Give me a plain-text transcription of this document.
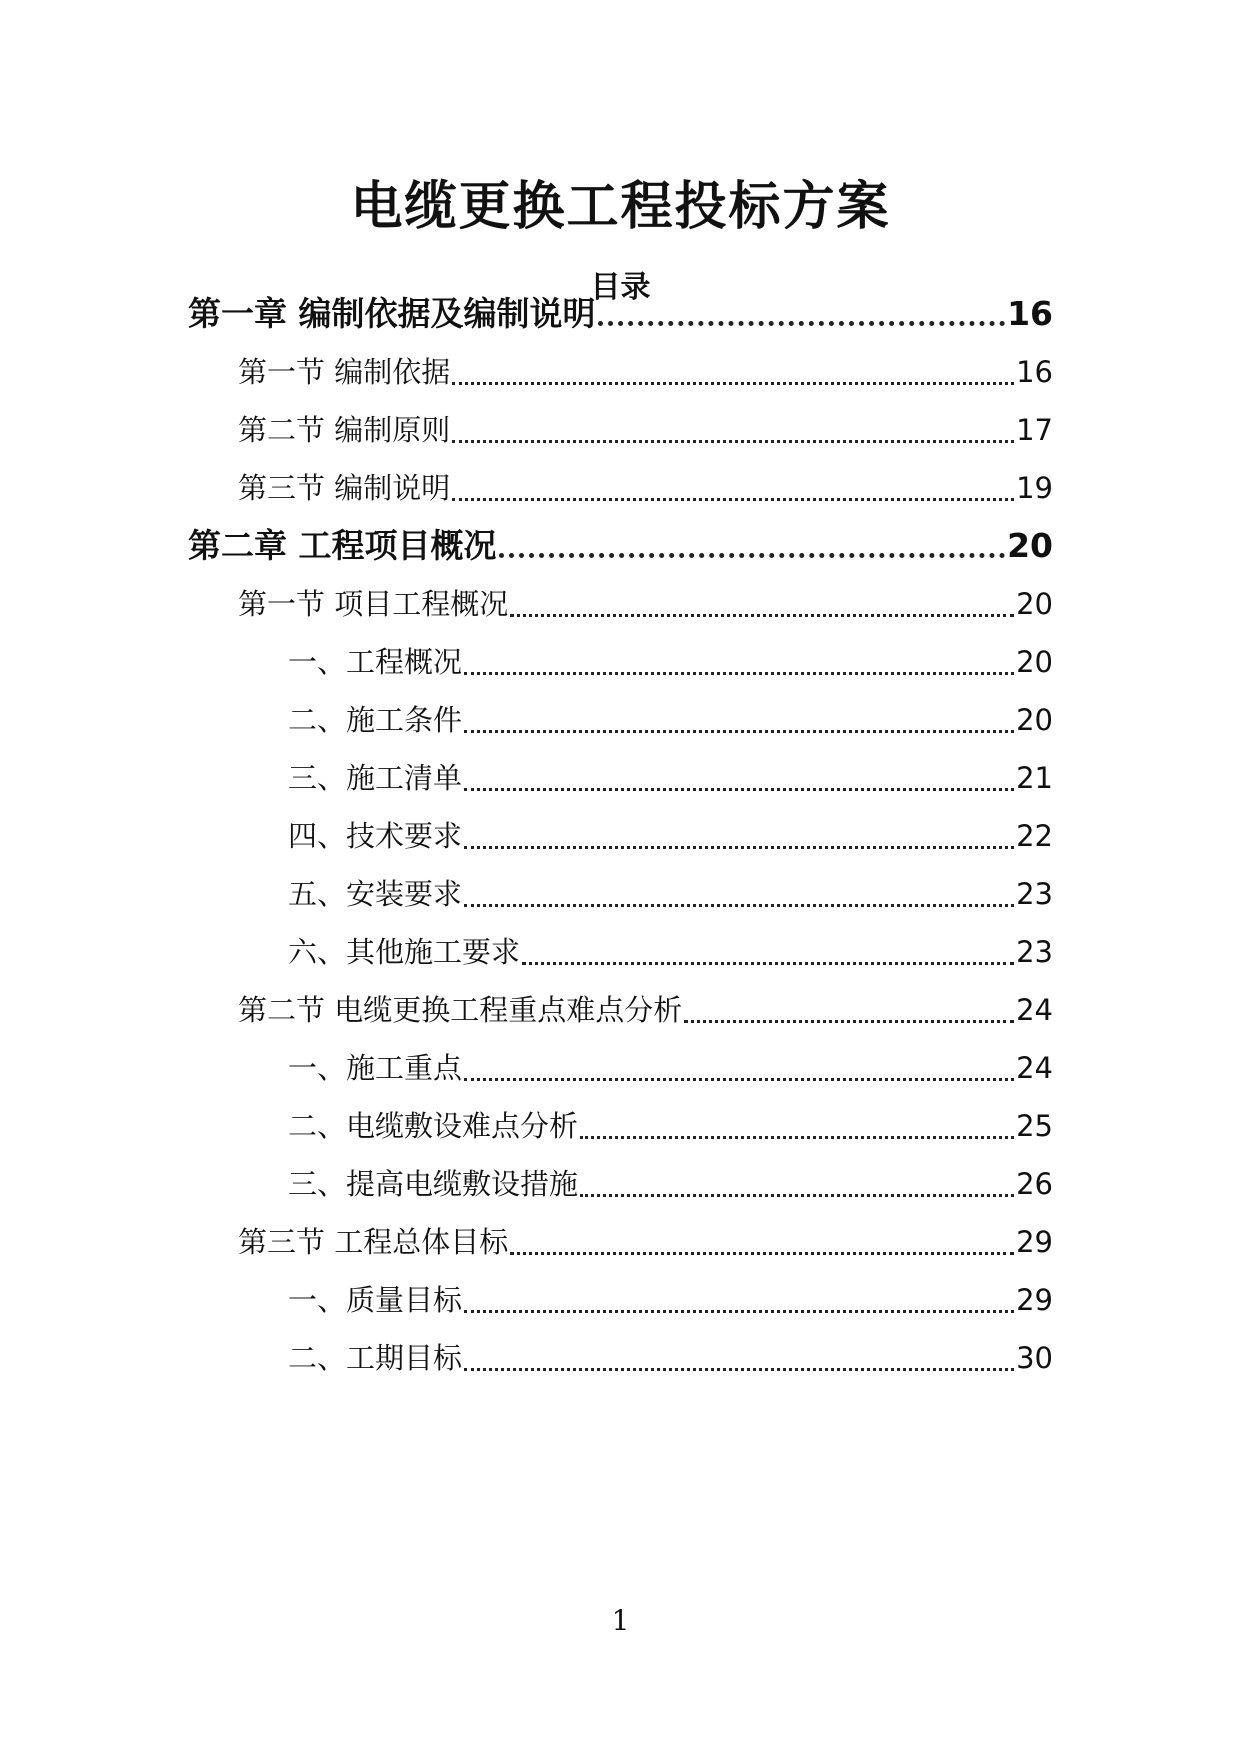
电缆更换工程投标方案
目录
第一章 编制依据及编制说明	16
第一节 编制依据	16
第二节 编制原则	17
第三节 编制说明	19
第二章 工程项目概况	20
第一节 项目工程概况	20
一、工程概况	20
二、施工条件	20
三、施工清单	21
四、技术要求	22
五、安装要求	23
六、其他施工要求	23
第二节 电缆更换工程重点难点分析	24
一、施工重点	24
二、电缆敷设难点分析	25
三、提高电缆敷设措施	26
第三节 工程总体目标	29
一、质量目标	29
二、工期目标	30
1
